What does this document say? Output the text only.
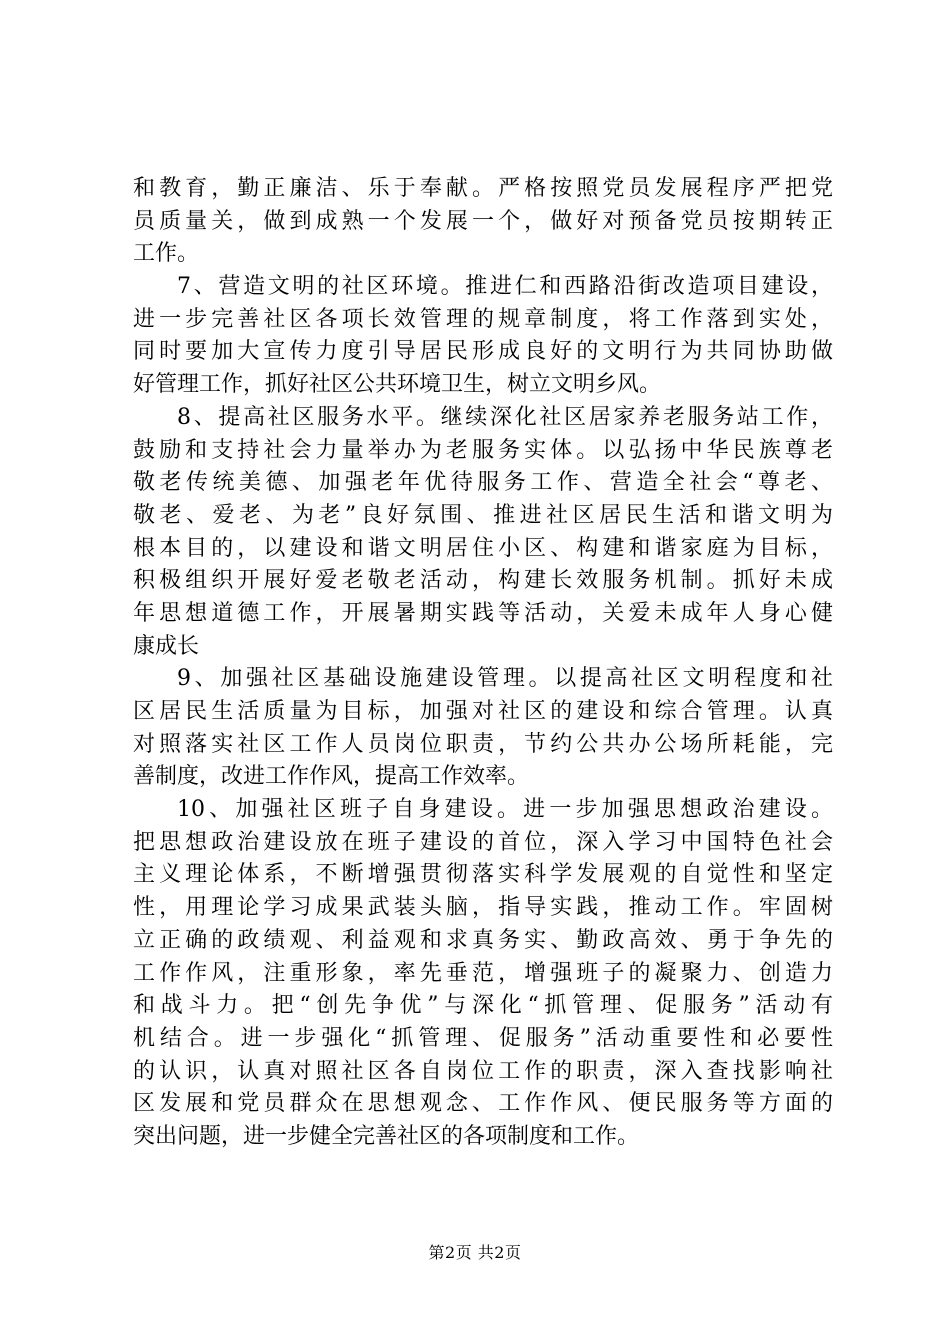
和教育，勤正廉洁、乐于奉献。严格按照党员发展程序严把党
员质量关，做到成熟一个发展一个，做好对预备党员按期转正
工作。
7、营造文明的社区环境。推进仁和西路沿街改造项目建设，
进一步完善社区各项长效管理的规章制度，将工作落到实处，
同时要加大宣传力度引导居民形成良好的文明行为共同协助做
好管理工作，抓好社区公共环境卫生，树立文明乡风。
8、提高社区服务水平。继续深化社区居家养老服务站工作，
鼓励和支持社会力量举办为老服务实体。以弘扬中华民族尊老
敬老传统美德、加强老年优待服务工作、营造全社会“尊老、
敬老、爱老、为老”良好氛围、推进社区居民生活和谐文明为
根本目的，以建设和谐文明居住小区、构建和谐家庭为目标，
积极组织开展好爱老敬老活动，构建长效服务机制。抓好未成
年思想道德工作，开展暑期实践等活动，关爱未成年人身心健
康成长
9、加强社区基础设施建设管理。以提高社区文明程度和社
区居民生活质量为目标，加强对社区的建设和综合管理。认真
对照落实社区工作人员岗位职责，节约公共办公场所耗能，完
善制度，改进工作作风，提高工作效率。
10、加强社区班子自身建设。进一步加强思想政治建设。
把思想政治建设放在班子建设的首位，深入学习中国特色社会
主义理论体系，不断增强贯彻落实科学发展观的自觉性和坚定
性，用理论学习成果武装头脑，指导实践，推动工作。牢固树
立正确的政绩观、利益观和求真务实、勤政高效、勇于争先的
工作作风，注重形象，率先垂范，增强班子的凝聚力、创造力
和战斗力。把“创先争优”与深化“抓管理、促服务”活动有
机结合。进一步强化“抓管理、促服务”活动重要性和必要性
的认识，认真对照社区各自岗位工作的职责，深入查找影响社
区发展和党员群众在思想观念、工作作风、便民服务等方面的
突出问题，进一步健全完善社区的各项制度和工作。
第2页 共2页
